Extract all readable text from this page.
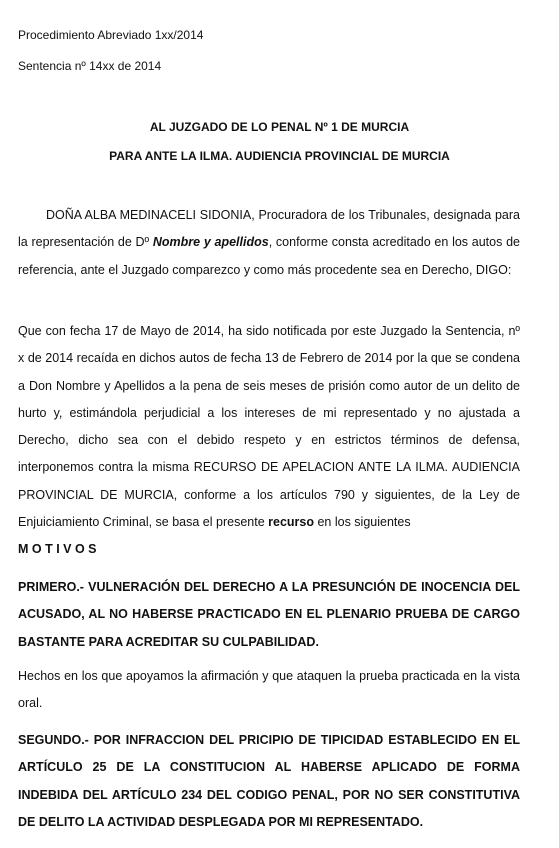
Procedimiento Abreviado 1xx/2014
Sentencia nº 14xx de 2014
AL JUZGADO DE LO PENAL Nº 1 DE MURCIA
PARA ANTE LA ILMA. AUDIENCIA PROVINCIAL DE MURCIA

DOÑA ALBA MEDINACELI SIDONIA, Procuradora de los Tribunales, designada para la representación de Dº Nombre y apellidos, conforme consta acreditado en los autos de referencia, ante el Juzgado comparezco y como más procedente sea en Derecho, DIGO:

Que con fecha 17 de Mayo de 2014, ha sido notificada por este Juzgado la Sentencia, nº x de 2014 recaída en dichos autos de fecha 13 de Febrero de 2014 por la que se condena a Don Nombre y Apellidos a la pena de seis meses de prisión como autor de un delito de hurto y, estimándola perjudicial a los intereses de mi representado y no ajustada a Derecho, dicho sea con el debido respeto y en estrictos términos de defensa, interponemos contra la misma RECURSO DE APELACION ANTE LA ILMA. AUDIENCIA PROVINCIAL DE MURCIA, conforme a los artículos 790 y siguientes, de la Ley de Enjuiciamiento Criminal, se basa el presente recurso en los siguientes

M O T I V O S

PRIMERO.- VULNERACIÓN DEL DERECHO A LA PRESUNCIÓN DE INOCENCIA DEL ACUSADO, AL NO HABERSE PRACTICADO EN EL PLENARIO PRUEBA DE CARGO BASTANTE PARA ACREDITAR SU CULPABILIDAD.

Hechos en los que apoyamos la afirmación y que ataquen la prueba practicada en la vista oral.

SEGUNDO.- POR INFRACCION DEL PRICIPIO DE TIPICIDAD ESTABLECIDO EN EL ARTÍCULO 25 DE LA CONSTITUCION AL HABERSE APLICADO DE FORMA INDEBIDA DEL ARTÍCULO 234 DEL CODIGO PENAL, POR NO SER CONSTITUTIVA DE DELITO LA ACTIVIDAD DESPLEGADA POR MI REPRESENTADO.
